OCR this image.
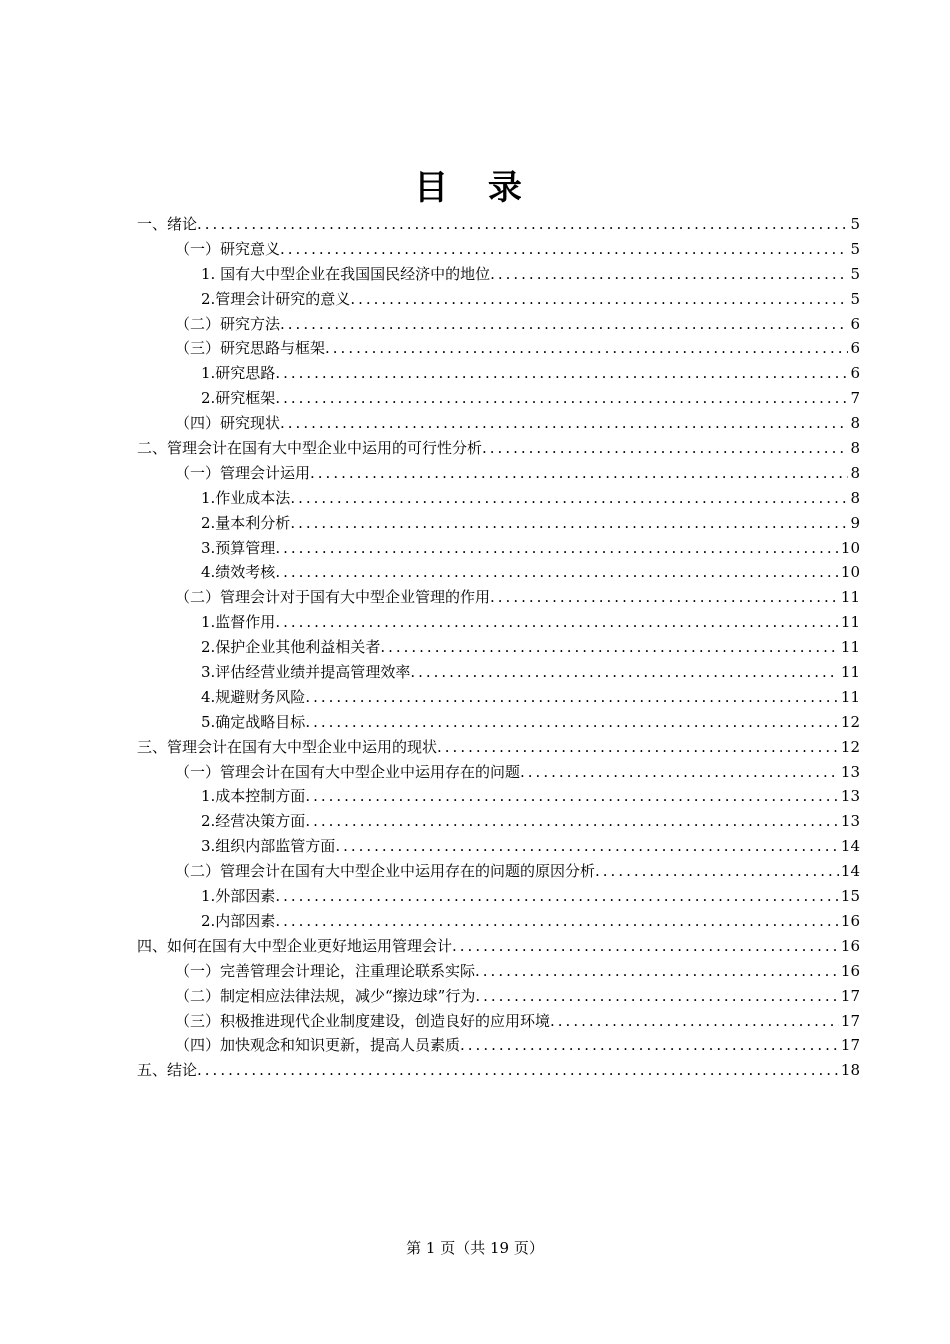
目 录
一、绪论 .....	5
（一）研究意义 .....	5
1. 国有大中型企业在我国国民经济中的地位 .....	5
2.管理会计研究的意义 .....	5
（二）研究方法 .....	6
（三）研究思路与框架 .....	6
1.研究思路 .....	6
2.研究框架 .....	7
（四）研究现状 .....	8
二、管理会计在国有大中型企业中运用的可行性分析 .....	8
（一）管理会计运用 .....	8
1.作业成本法 .....	8
2.量本利分析 .....	9
3.预算管理 .....	10
4.绩效考核 .....	10
（二）管理会计对于国有大中型企业管理的作用 .....	11
1.监督作用 .....	11
2.保护企业其他利益相关者 .....	11
3.评估经营业绩并提高管理效率 .....	11
4.规避财务风险 .....	11
5.确定战略目标 .....	12
三、管理会计在国有大中型企业中运用的现状 .....	12
（一）管理会计在国有大中型企业中运用存在的问题 .....	13
1.成本控制方面 .....	13
2.经营决策方面 .....	13
3.组织内部监管方面 .....	14
（二）管理会计在国有大中型企业中运用存在的问题的原因分析 .....	14
1.外部因素 .....	15
2.内部因素 .....	16
四、如何在国有大中型企业更好地运用管理会计 .....	16
（一）完善管理会计理论，注重理论联系实际 .....	16
（二）制定相应法律法规，减少“擦边球”行为 .....	17
（三）积极推进现代企业制度建设，创造良好的应用环境 .....	17
（四）加快观念和知识更新，提高人员素质 .....	17
五、结论 .....	18
第 1 页（共 19 页）
